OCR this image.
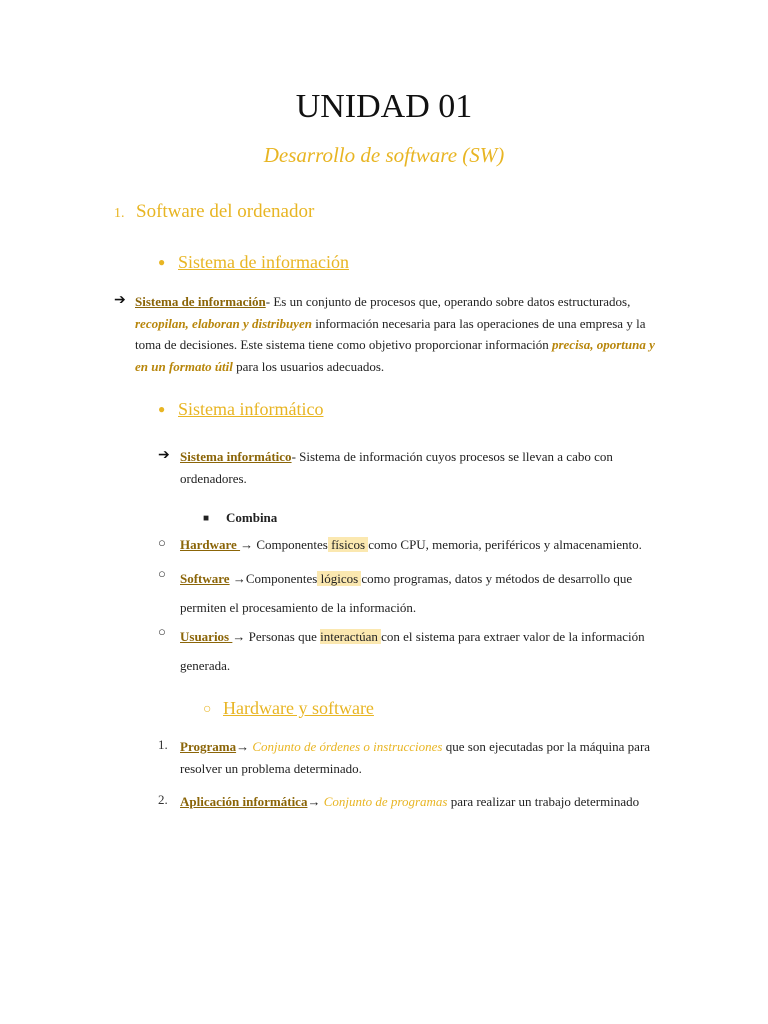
UNIDAD 01
Desarrollo de software (SW)
1. Software del ordenador
● Sistema de información
➔ Sistema de información- Es un conjunto de procesos que, operando sobre datos estructurados,
recopilan, elaboran y distribuyen información necesaria para las operaciones de una empresa y la
toma de decisiones. Este sistema tiene como objetivo proporcionar información precisa, oportuna y
en un formato útil para los usuarios adecuados.
● Sistema informático
➔ Sistema informático- Sistema de información cuyos procesos se llevan a cabo con
ordenadores.
■ Combina
○ Hardware → Componentes físicos como CPU, memoria, periféricos y almacenamiento.
○ Software →Componentes lógicos como programas, datos y métodos de desarrollo que
permiten el procesamiento de la información.
○ Usuarios → Personas que interactúan con el sistema para extraer valor de la información
generada.
○ Hardware y software
1. Programa→ Conjunto de órdenes o instrucciones que son ejecutadas por la máquina para
resolver un problema determinado.
2. Aplicación informática→ Conjunto de programas para realizar un trabajo determinado
